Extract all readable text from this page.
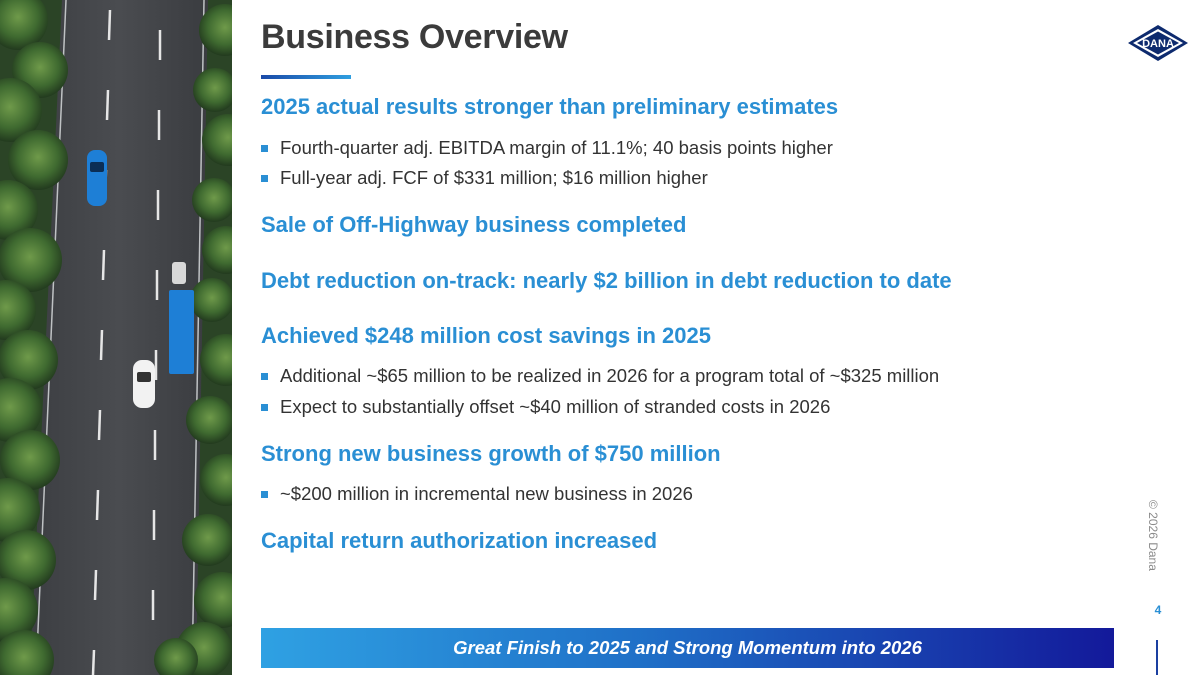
Business Overview	DANA
2025 actual results stronger than preliminary estimates
Fourth-quarter adj. EBITDA margin of 11.1%; 40 basis points higher
Full-year adj. FCF of $331 million; $16 million higher
Sale of Off-Highway business completed
Debt reduction on-track: nearly $2 billion in debt reduction to date
Achieved $248 million cost savings in 2025
Additional ~$65 million to be realized in 2026 for a program total of ~$325 million
Expect to substantially offset ~$40 million of stranded costs in 2026
Strong new business growth of $750 million
~$200 million in incremental new business in 2026
Capital return authorization increased	© 2026 Dana
4
Great Finish to 2025 and Strong Momentum into 2026
